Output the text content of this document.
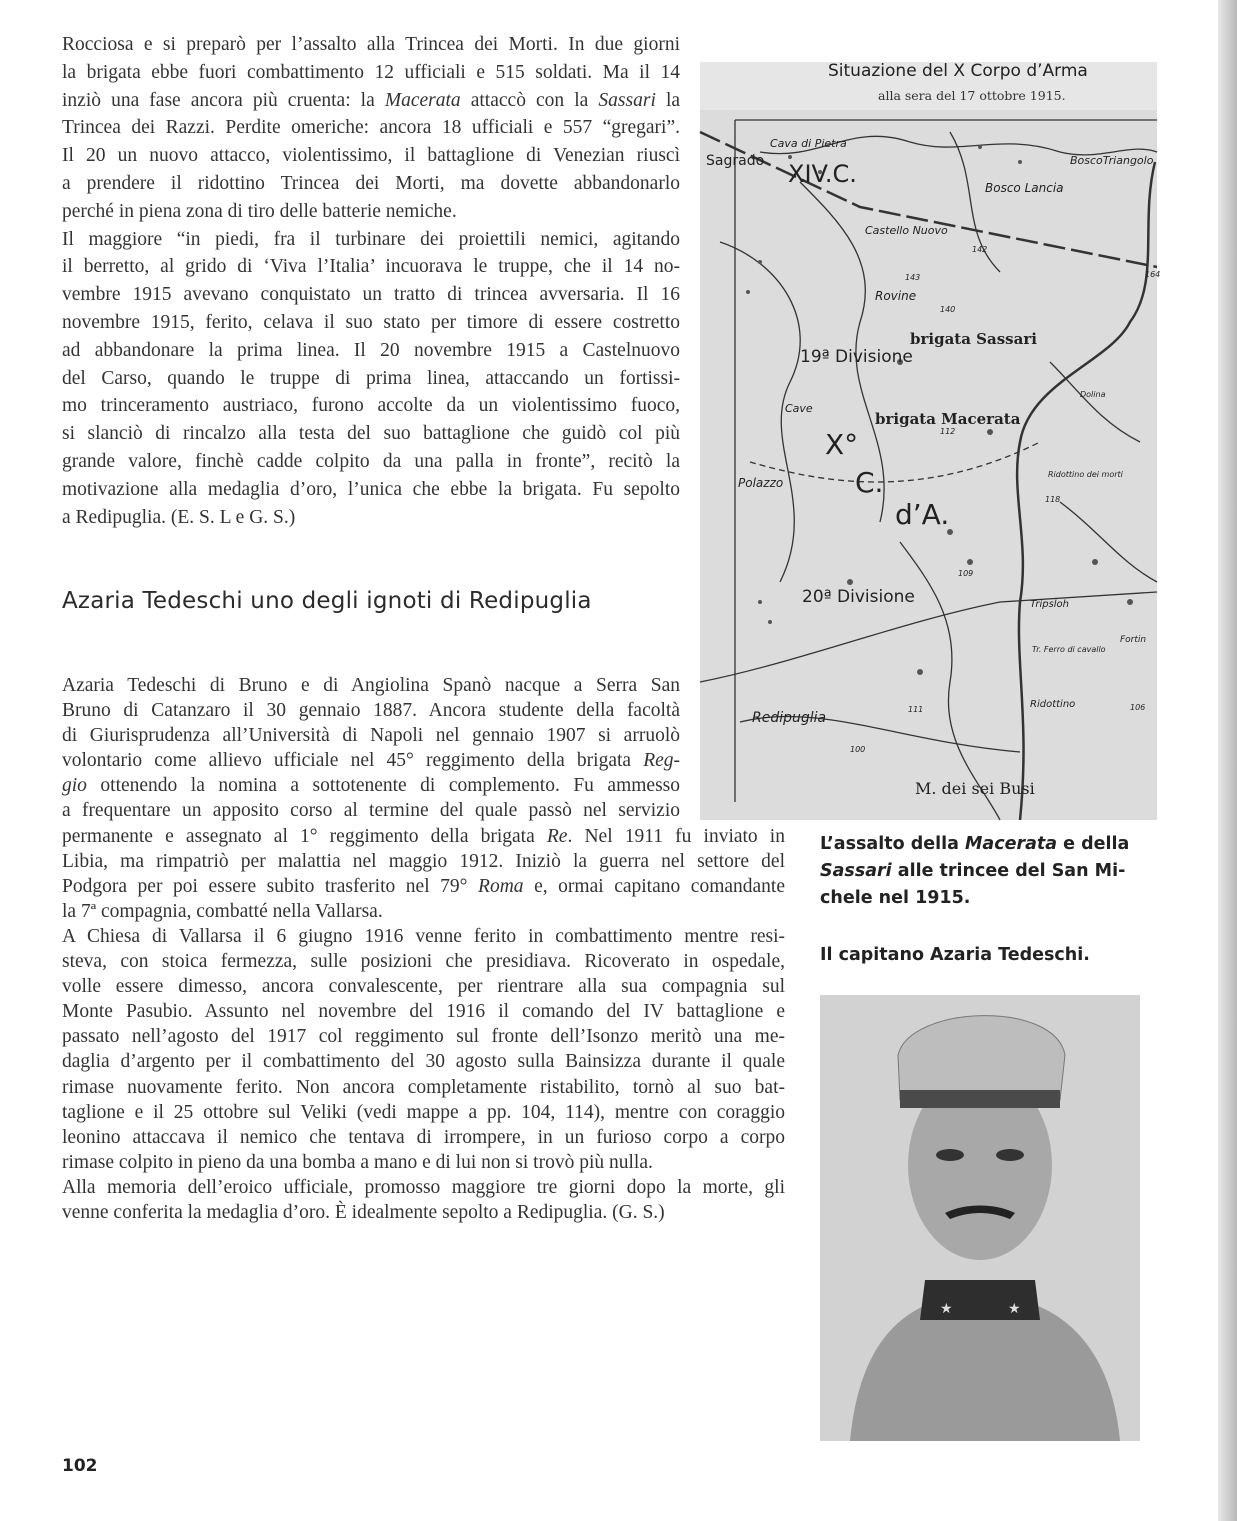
Rocciosa e si preparò per l’assalto alla Trincea dei Morti. In due giorni
la brigata ebbe fuori combattimento 12 ufficiali e 515 soldati. Ma il 14
inziò una fase ancora più cruenta: la Macerata attaccò con la Sassari la
Trincea dei Razzi. Perdite omeriche: ancora 18 ufficiali e 557 “gregari”.
Il 20 un nuovo attacco, violentissimo, il battaglione di Venezian riuscì
a prendere il ridottino Trincea dei Morti, ma dovette abbandonarlo
perché in piena zona di tiro delle batterie nemiche.
Il maggiore “in piedi, fra il turbinare dei proiettili nemici, agitando
il berretto, al grido di ‘Viva l’Italia’ incuorava le truppe, che il 14 no-
vembre 1915 avevano conquistato un tratto di trincea avversaria. Il 16
novembre 1915, ferito, celava il suo stato per timore di essere costretto
ad abbandonare la prima linea. Il 20 novembre 1915 a Castelnuovo
del Carso, quando le truppe di prima linea, attaccando un fortissi-
mo trinceramento austriaco, furono accolte da un violentissimo fuoco,
si slanciò di rincalzo alla testa del suo battaglione che guidò col più
grande valore, finchè cadde colpito da una palla in fronte”, recitò la
motivazione alla medaglia d’oro, l’unica che ebbe la brigata. Fu sepolto
a Redipuglia. (E. S. L e G. S.)
Azaria Tedeschi uno degli ignoti di Redipuglia
Azaria Tedeschi di Bruno e di Angiolina Spanò nacque a Serra San
Bruno di Catanzaro il 30 gennaio 1887. Ancora studente della facoltà
di Giurisprudenza all’Università di Napoli nel gennaio 1907 si arruolò
volontario come allievo ufficiale nel 45° reggimento della brigata Reg-
gio ottenendo la nomina a sottotenente di complemento. Fu ammesso
a frequentare un apposito corso al termine del quale passò nel servizio
permanente e assegnato al 1° reggimento della brigata Re. Nel 1911 fu inviato in
Libia, ma rimpatriò per malattia nel maggio 1912. Iniziò la guerra nel settore del
Podgora per poi essere subito trasferito nel 79° Roma e, ormai capitano comandante
la 7ª compagnia, combatté nella Vallarsa.
A Chiesa di Vallarsa il 6 giugno 1916 venne ferito in combattimento mentre resi-
steva, con stoica fermezza, sulle posizioni che presidiava. Ricoverato in ospedale,
volle essere dimesso, ancora convalescente, per rientrare alla sua compagnia sul
Monte Pasubio. Assunto nel novembre del 1916 il comando del IV battaglione e
passato nell’agosto del 1917 col reggimento sul fronte dell’Isonzo meritò una me-
daglia d’argento per il combattimento del 30 agosto sulla Bainsizza durante il quale
rimase nuovamente ferito. Non ancora completamente ristabilito, tornò al suo bat-
taglione e il 25 ottobre sul Veliki (vedi mappe a pp. 104, 114), mentre con coraggio
leonino attaccava il nemico che tentava di irrompere, in un furioso corpo a corpo
rimase colpito in pieno da una bomba a mano e di lui non si trovò più nulla.
Alla memoria dell’eroico ufficiale, promosso maggiore tre giorni dopo la morte, gli
venne conferita la medaglia d’oro. È idealmente sepolto a Redipuglia. (G. S.)
Situazione del X Corpo d’Arma
alla sera del 17 ottobre 1915.
Sagrado XIV.C.
Cava di Pietra
BoscoTriangolo
Bosco Lancia
Castello Nuovo
Rovine
brigata Sassari
19ª Divisione
Cave
brigata Macerata
X°
C.
d’A.
Polazzo
20ª Divisione
Redipuglia
Tripsloh
Fortin
Tr. Ferro di cavallo
Ridottino
Ridottino dei morti
Dolina
M. dei sei Busi
142
143
140
112
118
109
100
111	106
164
L’assalto della Macerata e della
Sassari alle trincee del San Mi-
chele nel 1915.
Il capitano Azaria Tedeschi.
★	★
102
